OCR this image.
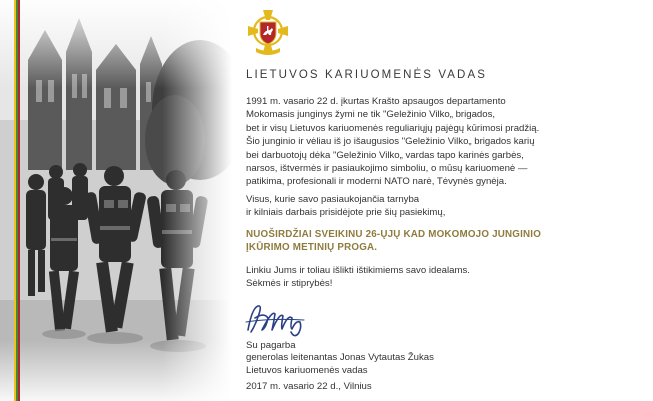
LIETUVOS KARIUOMENĖS VADAS
1991 m. vasario 22 d. įkurtas Krašto apsaugos departamento
Mokomasis junginys žymi ne tik "Geležinio Vilko„ brigados,
bet ir visų Lietuvos kariuomenės reguliariųjų pajėgų kūrimosi pradžią.
Šio junginio ir vėliau iš jo išaugusios "Geležinio Vilko„ brigados karių
bei darbuotojų dėka "Geležinio Vilko„ vardas tapo karinės garbės,
narsos, ištvermės ir pasiaukojimo simboliu, o mūsų kariuomenė —
patikima, profesionali ir moderni NATO narė, Tėvynės gynėja.
Visus, kurie savo pasiaukojančia tarnyba
ir kilniais darbais prisidėjote prie šių pasiekimų,
NUOŠIRDŽIAI SVEIKINU 26-ŲJŲ KAD MOKOMOJO JUNGINIO
ĮKŪRIMO METINIŲ PROGA.
Linkiu Jums ir toliau išlikti ištikimiems savo idealams.
Sėkmės ir stiprybės!
Su pagarba
generolas leitenantas Jonas Vytautas Žukas
Lietuvos kariuomenės vadas
2017 m. vasario 22 d., Vilnius
